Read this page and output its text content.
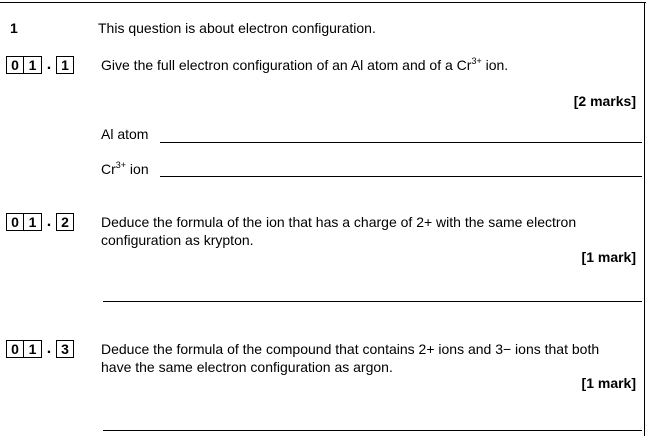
1	This question is about electron configuration.
0 1 . 1	Give the full electron configuration of an Al atom and of a $Cr^{3+}$ ion.
[2 marks]
Al atom
$Cr^{3+}$ ion
0 1 . 2	Deduce the formula of the ion that has a charge of 2+ with the same electron
configuration as krypton.
[1 mark]
0 1 . 3	Deduce the formula of the compound that contains 2+ ions and 3− ions that both
have the same electron configuration as argon.
[1 mark]
